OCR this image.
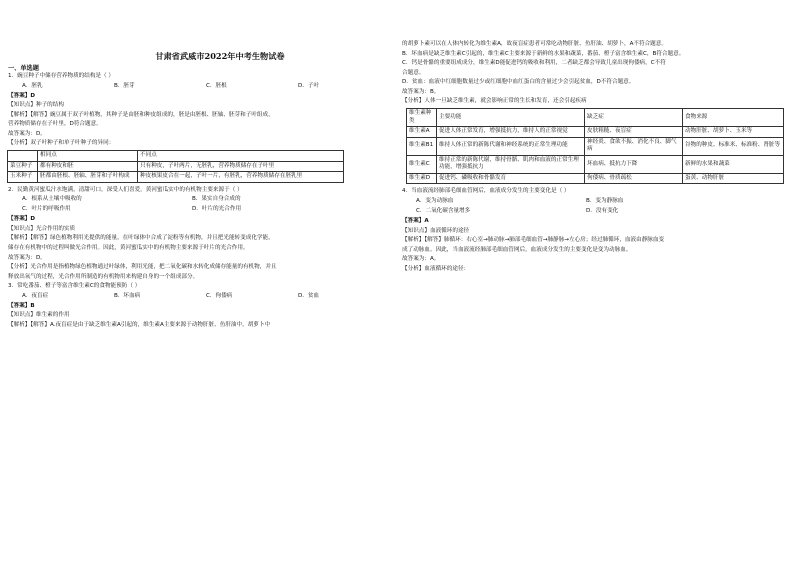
甘肃省武威市2022年中考生物试卷
一、单选题
1．豌豆种子中储存营养物质的结构是（ ）
A．胚乳	B．胚芽	C．胚根	D．子叶
【答案】D
【知识点】种子的结构
【解析】【解答】豌豆属于双子叶植物，其种子是由胚和种皮组成的，胚是由胚根、胚轴、胚芽和子叶组成，
营养物质储存在子叶里，D符合题意。
故答案为：D。
【分析】双子叶种子和单子叶种子的异同：
	相同点	不同点
菜豆种子	都有种皮和胚	只有种皮，子叶两片，无胚乳，营养物质储存在子叶里
玉米种子	胚都由胚根、胚轴、胚芽和子叶构成	种皮核果皮合在一起，子叶一片，有胚乳，营养物质储存在胚乳里
2．民勤黄河蜜瓜汁水饱满，清甜可口，深受人们喜爱。黄河蜜瓜实中的有机物主要来源于（ ）
A．根系从土壤中吸收的	B．果实自身合成的
C．叶片的呼吸作用	D．叶片的光合作用
【答案】D
【知识点】光合作用的实质
【解析】【解答】绿色植物利用光提供的能量，在叶绿体中合成了淀粉等有机物，并且把光能转变成化学能，
储存在有机物中的过程叫做光合作用。因此，黄河蜜瓜实中的有机物主要来源于叶片的光合作用。
故答案为：D。
【分析】光合作用是指植物绿色植物通过叶绿体，利用光能，把二氧化碳和水转化成储存能量的有机物，并且
释放出氧气的过程，光合作用所制造的有机物用来构建自身的一个组成部分。
3．常吃番茄、橙子等富含维生素C的食物能预防（ ）
A．夜盲症	B．坏血病	C．佝偻病	D．贫血
【答案】B
【知识点】维生素的作用
【解析】【解答】A.夜盲症是由于缺乏维生素A引起的，维生素A主要来源于动物肝脏、鱼肝油中，胡萝卜中
的胡萝卜素可以在人体内转化为维生素A，故夜盲症患者可常吃动物肝脏、鱼肝油、胡萝卜，A不符合题意。
B．坏血病是缺乏维生素C引起的，维生素C主要来源于新鲜的水果和蔬菜，番茄、橙子富含维生素C，B符合题意。
C．钙是骨骼的重要组成成分，维生素D能促进钙的吸收和利用，二者缺乏都会导致儿童出现佝偻病，C不符
合题意。
D．贫血：血液中红细胞数量过少或红细胞中血红蛋白的含量过少会引起贫血，D不符合题意。
故答案为：B。
【分析】人体一旦缺乏维生素，就会影响正常的生长和发育，还会引起疾病
维生素种类	主要功能	缺乏症	食物来源
维生素A	促进人体正常发育，增强抵抗力，维持人的正常视觉	皮肤粗糙、夜盲症	动物肝脏、胡萝卜、玉米等
维生素B1	维持人体正常的新陈代谢和神经系统的正常生理功能	神经炎、食欲不振、消化不良、脚气病	谷物的种皮、标准米、标准粉、肾脏等
维生素C	维持正常的新陈代谢，维持骨骼、肌肉和血液的正常生理功能，增强抵抗力	坏血病、抵抗力下降	新鲜的水果和蔬菜
维生素D	促进钙、磷吸收和骨骼发育	佝偻病、骨质疏松	蛋黄、动物肝脏
4．当血液流经肺部毛细血管网后，血液成分发生的主要变化是（ ）
A．变为动脉血	B．变为静脉血
C．二氧化碳含量增多	D．没有变化
【答案】A
【知识点】血液循环的途径
【解析】【解答】肺循环：右心室→肺动脉→肺部毛细血管→肺静脉→左心房；经过肺循环，血液由静脉血变
成了动脉血。因此，当血液流经肺部毛细血管网后，血液成分发生的主要变化是变为动脉血。
故答案为：A。
【分析】血液循环的途径：
